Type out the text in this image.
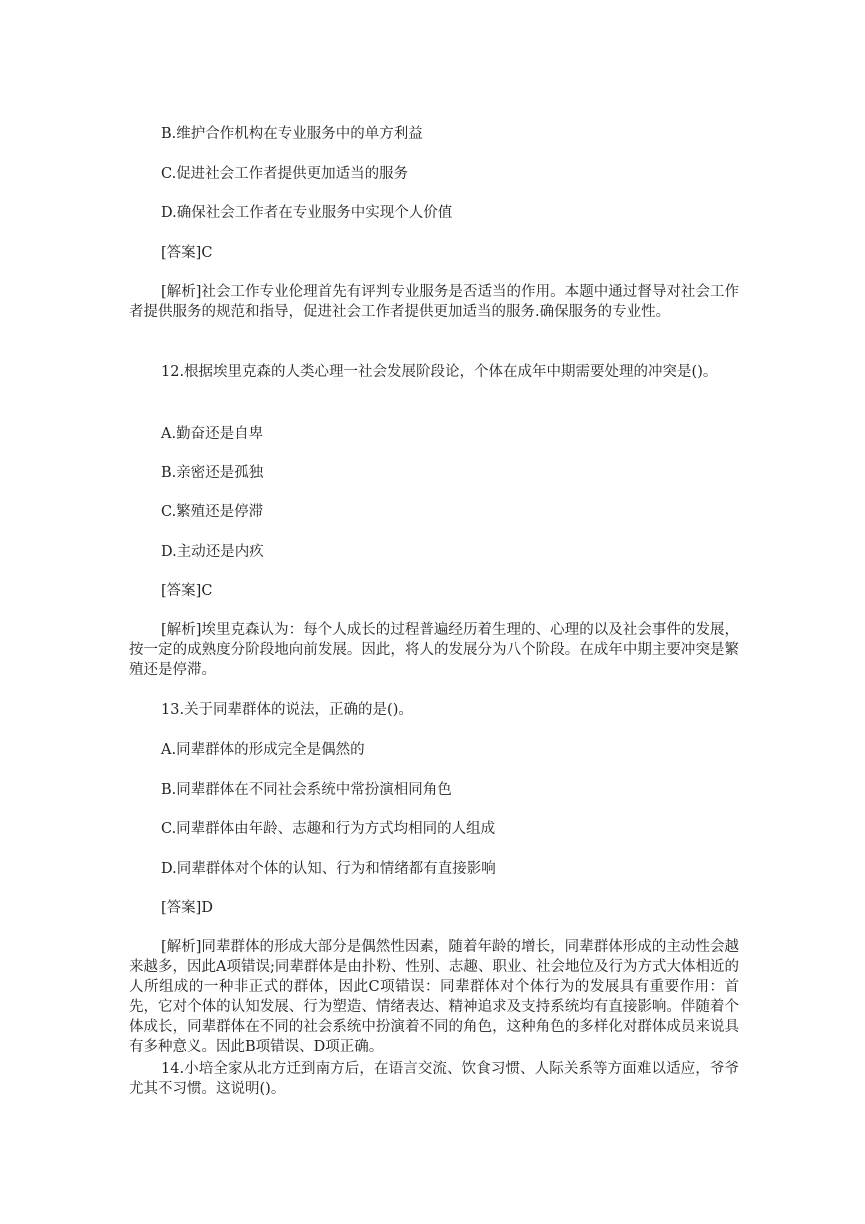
B.维护合作机构在专业服务中的单方利益

C.促进社会工作者提供更加适当的服务

D.确保社会工作者在专业服务中实现个人价值

[答案]C

[解析]社会工作专业伦理首先有评判专业服务是否适当的作用。本题中通过督导对社会工作者提供服务的规范和指导，促进社会工作者提供更加适当的服务.确保服务的专业性。

12.根据埃里克森的人类心理一社会发展阶段论，个体在成年中期需要处理的冲突是()。

A.勤奋还是自卑

B.亲密还是孤独

C.繁殖还是停滞

D.主动还是内疚

[答案]C

[解析]埃里克森认为：每个人成长的过程普遍经历着生理的、心理的以及社会事件的发展，按一定的成熟度分阶段地向前发展。因此，将人的发展分为八个阶段。在成年中期主要冲突是繁殖还是停滞。

13.关于同辈群体的说法，正确的是()。

A.同辈群体的形成完全是偶然的

B.同辈群体在不同社会系统中常扮演相同角色

C.同辈群体由年龄、志趣和行为方式均相同的人组成

D.同辈群体对个体的认知、行为和情绪都有直接影响

[答案]D

[解析]同辈群体的形成大部分是偶然性因素，随着年龄的增长，同辈群体形成的主动性会越来越多，因此A项错误;同辈群体是由扑粉、性别、志趣、职业、社会地位及行为方式大体相近的人所组成的一种非正式的群体，因此C项错误：同辈群体对个体行为的发展具有重要作用：首先，它对个体的认知发展、行为塑造、情绪表达、精神追求及支持系统均有直接影响。伴随着个体成长，同辈群体在不同的社会系统中扮演着不同的角色，这种角色的多样化对群体成员来说具有多种意义。因此B项错误、D项正确。

14.小培全家从北方迁到南方后，在语言交流、饮食习惯、人际关系等方面难以适应，爷爷尤其不习惯。这说明()。
